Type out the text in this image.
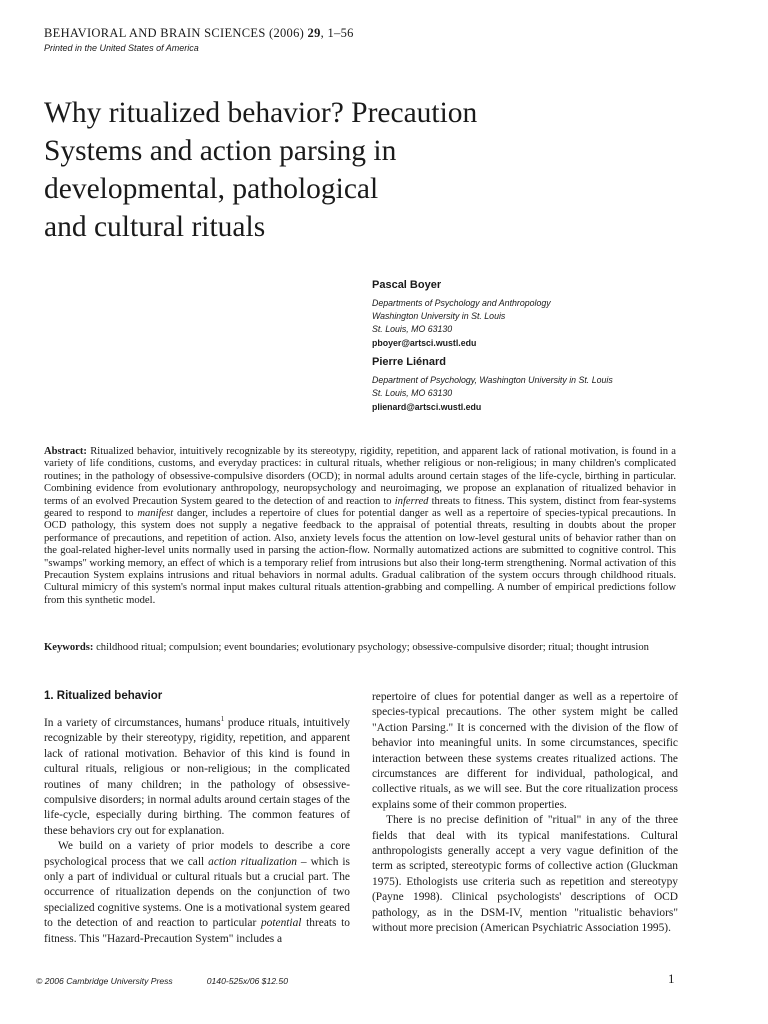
BEHAVIORAL AND BRAIN SCIENCES (2006) 29, 1–56
Printed in the United States of America
Why ritualized behavior? Precaution
Systems and action parsing in
developmental, pathological
and cultural rituals
Pascal Boyer
Departments of Psychology and Anthropology
Washington University in St. Louis
St. Louis, MO 63130
pboyer@artsci.wustl.edu
Pierre Liénard
Department of Psychology, Washington University in St. Louis
St. Louis, MO 63130
plienard@artsci.wustl.edu
Abstract: Ritualized behavior, intuitively recognizable by its stereotypy, rigidity, repetition, and apparent lack of rational motivation, is found in a variety of life conditions, customs, and everyday practices: in cultural rituals, whether religious or non-religious; in many children's complicated routines; in the pathology of obsessive-compulsive disorders (OCD); in normal adults around certain stages of the life-cycle, birthing in particular. Combining evidence from evolutionary anthropology, neuropsychology and neuroimaging, we propose an explanation of ritualized behavior in terms of an evolved Precaution System geared to the detection of and reaction to inferred threats to fitness. This system, distinct from fear-systems geared to respond to manifest danger, includes a repertoire of clues for potential danger as well as a repertoire of species-typical precautions. In OCD pathology, this system does not supply a negative feedback to the appraisal of potential threats, resulting in doubts about the proper performance of precautions, and repetition of action. Also, anxiety levels focus the attention on low-level gestural units of behavior rather than on the goal-related higher-level units normally used in parsing the action-flow. Normally automatized actions are submitted to cognitive control. This "swamps" working memory, an effect of which is a temporary relief from intrusions but also their long-term strengthening. Normal activation of this Precaution System explains intrusions and ritual behaviors in normal adults. Gradual calibration of the system occurs through childhood rituals. Cultural mimicry of this system's normal input makes cultural rituals attention-grabbing and compelling. A number of empirical predictions follow from this synthetic model.
Keywords: childhood ritual; compulsion; event boundaries; evolutionary psychology; obsessive-compulsive disorder; ritual; thought intrusion
1. Ritualized behavior

In a variety of circumstances, humans$^1$ produce rituals, intuitively recognizable by their stereotypy, rigidity, repetition, and apparent lack of rational motivation. Behavior of this kind is found in cultural rituals, religious or non-religious; in the complicated routines of many children; in the pathology of obsessive-compulsive disorders; in normal adults around certain stages of the life-cycle, especially during birthing. The common features of these behaviors cry out for explanation.

We build on a variety of prior models to describe a core psychological process that we call action ritualization – which is only a part of individual or cultural rituals but a crucial part. The occurrence of ritualization depends on the conjunction of two specialized cognitive systems. One is a motivational system geared to the detection of and reaction to particular potential threats to fitness. This "Hazard-Precaution System" includes a

repertoire of clues for potential danger as well as a repertoire of species-typical precautions. The other system might be called "Action Parsing." It is concerned with the division of the flow of behavior into meaningful units. In some circumstances, specific interaction between these systems creates ritualized actions. The circumstances are different for individual, pathological, and collective rituals, as we will see. But the core ritualization process explains some of their common properties.

There is no precise definition of "ritual" in any of the three fields that deal with its typical manifestations. Cultural anthropologists generally accept a very vague definition of the term as scripted, stereotypic forms of collective action (Gluckman 1975). Ethologists use criteria such as repetition and stereotypy (Payne 1998). Clinical psychologists' descriptions of OCD pathology, as in the DSM-IV, mention "ritualistic behaviors" without more precision (American Psychiatric Association 1995).

© 2006 Cambridge University Press	0140-525x/06 $12.50	1
